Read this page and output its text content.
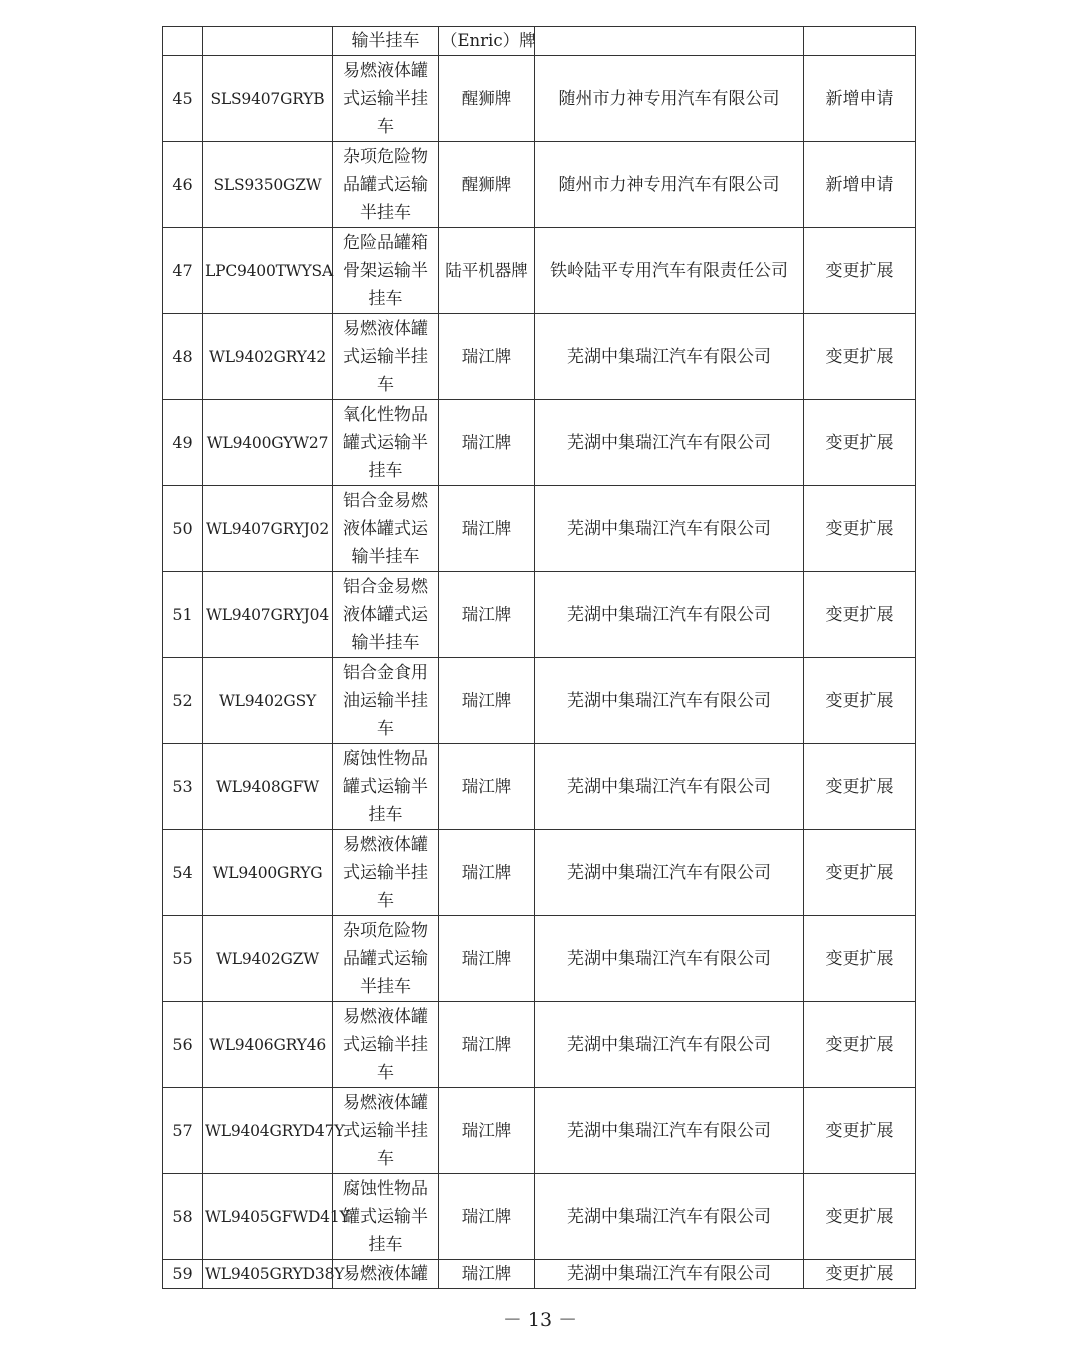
		输半挂车	（Enric）牌		
45	SLS9407GRYB	易燃液体罐式运输半挂车	醒狮牌	随州市力神专用汽车有限公司	新增申请
46	SLS9350GZW	杂项危险物品罐式运输半挂车	醒狮牌	随州市力神专用汽车有限公司	新增申请
47	LPC9400TWYSA	危险品罐箱骨架运输半挂车	陆平机器牌	铁岭陆平专用汽车有限责任公司	变更扩展
48	WL9402GRY42	易燃液体罐式运输半挂车	瑞江牌	芜湖中集瑞江汽车有限公司	变更扩展
49	WL9400GYW27	氧化性物品罐式运输半挂车	瑞江牌	芜湖中集瑞江汽车有限公司	变更扩展
50	WL9407GRYJ02	铝合金易燃液体罐式运输半挂车	瑞江牌	芜湖中集瑞江汽车有限公司	变更扩展
51	WL9407GRYJ04	铝合金易燃液体罐式运输半挂车	瑞江牌	芜湖中集瑞江汽车有限公司	变更扩展
52	WL9402GSY	铝合金食用油运输半挂车	瑞江牌	芜湖中集瑞江汽车有限公司	变更扩展
53	WL9408GFW	腐蚀性物品罐式运输半挂车	瑞江牌	芜湖中集瑞江汽车有限公司	变更扩展
54	WL9400GRYG	易燃液体罐式运输半挂车	瑞江牌	芜湖中集瑞江汽车有限公司	变更扩展
55	WL9402GZW	杂项危险物品罐式运输半挂车	瑞江牌	芜湖中集瑞江汽车有限公司	变更扩展
56	WL9406GRY46	易燃液体罐式运输半挂车	瑞江牌	芜湖中集瑞江汽车有限公司	变更扩展
57	WL9404GRYD47Y	易燃液体罐式运输半挂车	瑞江牌	芜湖中集瑞江汽车有限公司	变更扩展
58	WL9405GFWD41Y	腐蚀性物品罐式运输半挂车	瑞江牌	芜湖中集瑞江汽车有限公司	变更扩展
59	WL9405GRYD38Y	易燃液体罐	瑞江牌	芜湖中集瑞江汽车有限公司	变更扩展
－ 13 －
